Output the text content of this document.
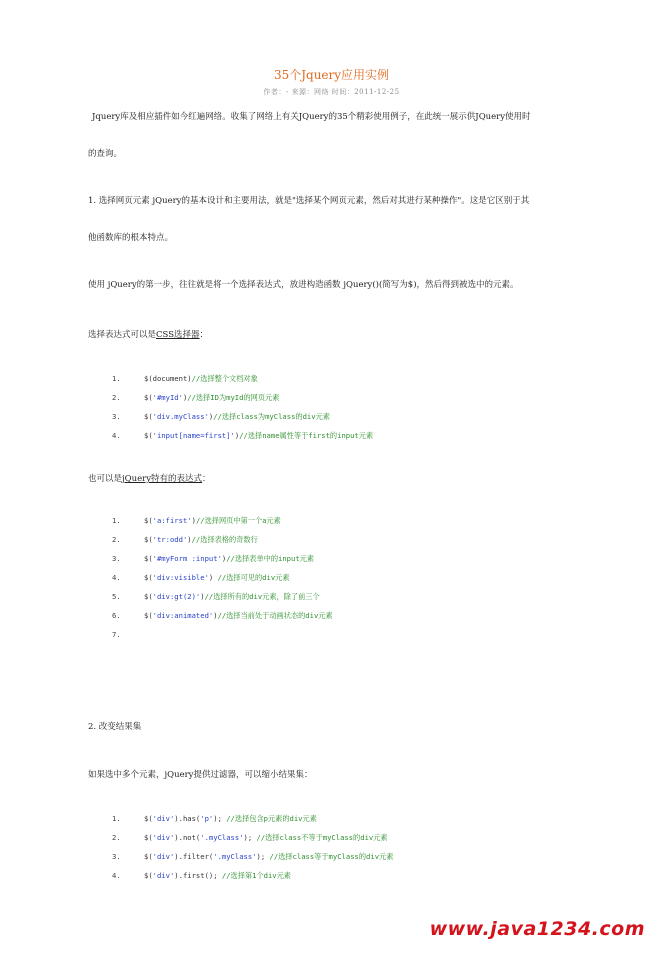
35个Jquery应用实例
作者：- 来源：网络 时间：2011-12-25
Jquery库及相应插件如今红遍网络。收集了网络上有关JQuery的35个精彩使用例子，在此统一展示供JQuery使用时
的查询。
1. 选择网页元素 jQuery的基本设计和主要用法，就是"选择某个网页元素，然后对其进行某种操作"。这是它区别于其
他函数库的根本特点。
使用 jQuery的第一步，往往就是将一个选择表达式，放进构造函数 jQuery()(简写为$)，然后得到被选中的元素。
选择表达式可以是CSS选择器：
1.	$(document)//选择整个文档对象
2.	$('#myId')//选择ID为myId的网页元素
3.	$('div.myClass')//选择class为myClass的div元素
4.	$('input[name=first]')//选择name属性等于first的input元素
也可以是jQuery特有的表达式：
1.	$('a:first')//选择网页中第一个a元素
2.	$('tr:odd')//选择表格的奇数行
3.	$('#myForm :input')//选择表单中的input元素
4.	$('div:visible') //选择可见的div元素
5.	$('div:gt(2)')//选择所有的div元素，除了前三个
6.	$('div:animated')//选择当前处于动画状态的div元素
7.
2. 改变结果集
如果选中多个元素，jQuery提供过滤器，可以缩小结果集：
1.	$('div').has('p'); //选择包含p元素的div元素
2.	$('div').not('.myClass'); //选择class不等于myClass的div元素
3.	$('div').filter('.myClass'); //选择class等于myClass的div元素
4.	$('div').first(); //选择第1个div元素
www.java1234.com
